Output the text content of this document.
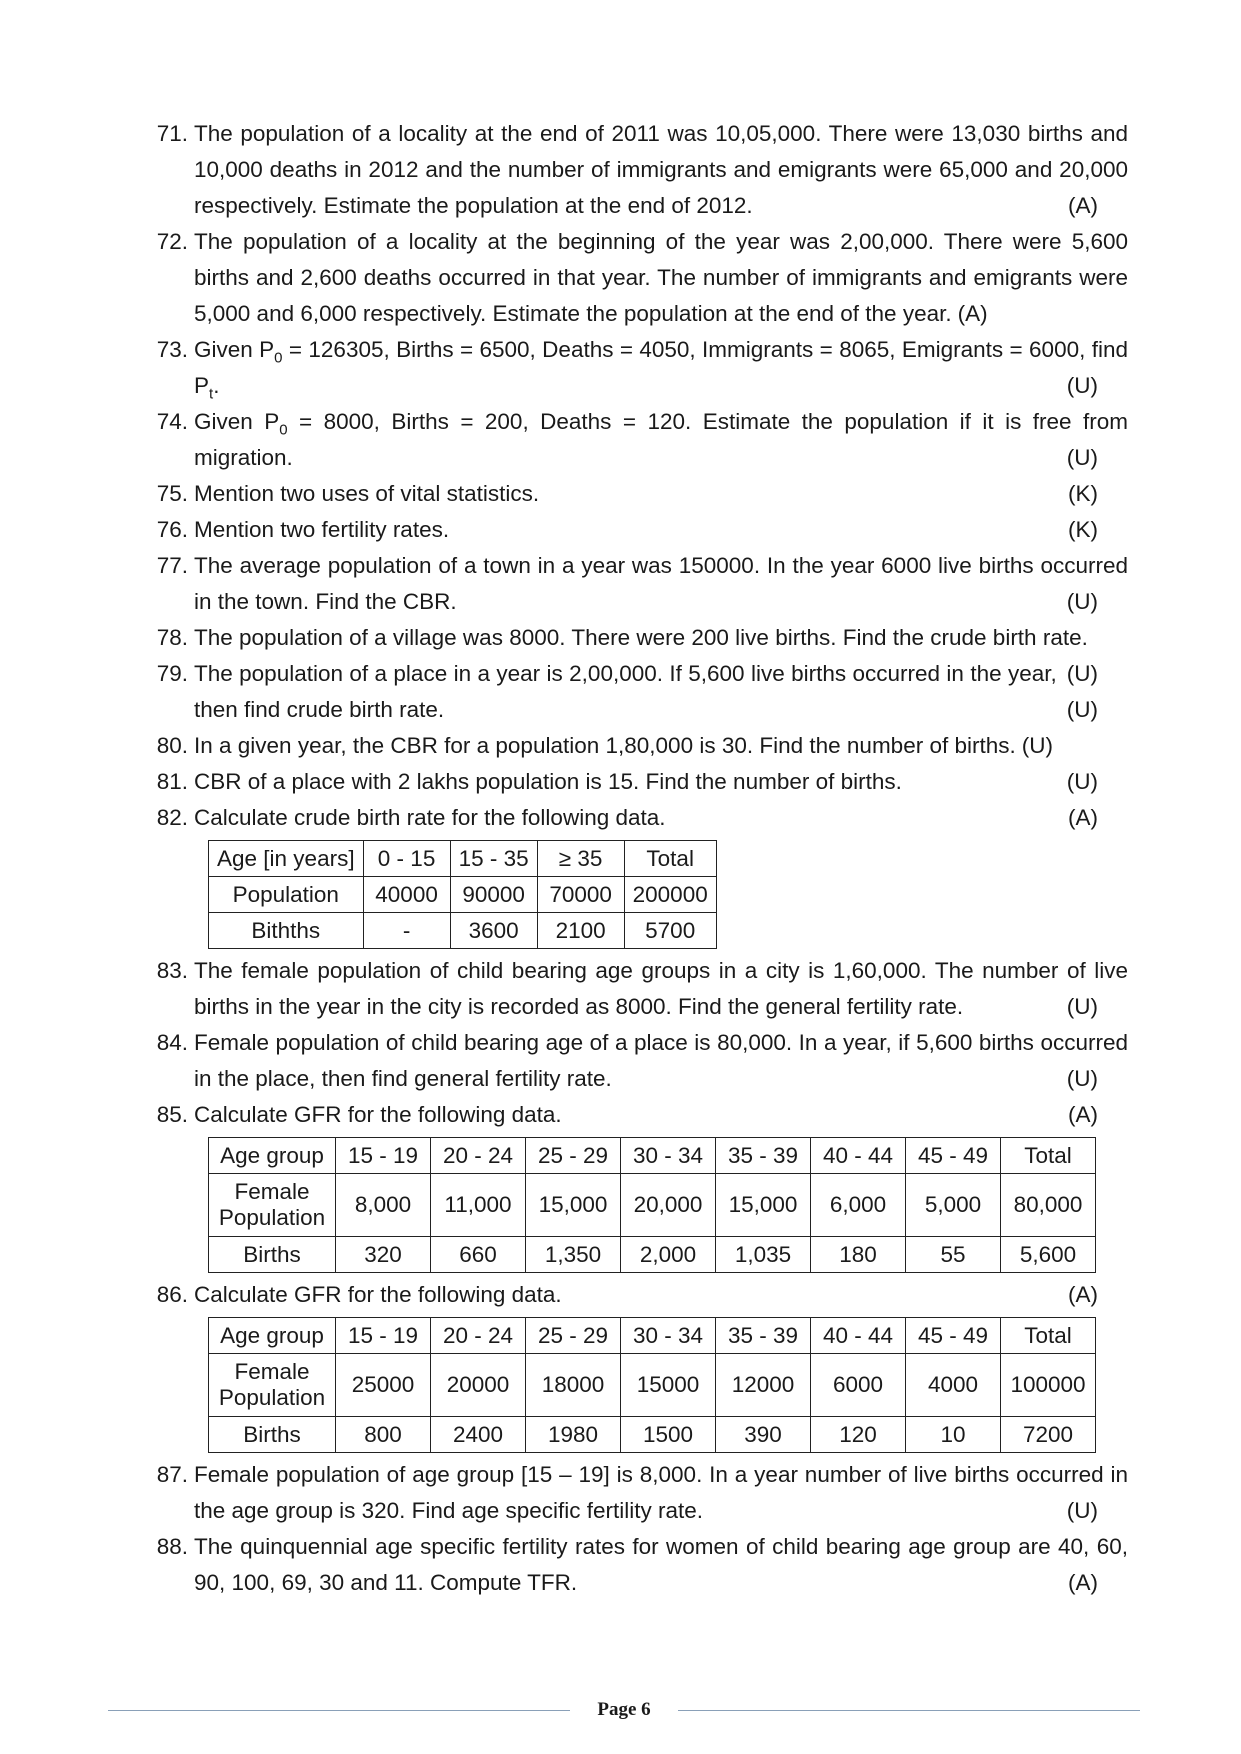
71. The population of a locality at the end of 2011 was 10,05,000. There were 13,030 births and 10,000 deaths in 2012 and the number of immigrants and emigrants were 65,000 and 20,000 respectively. Estimate the population at the end of 2012.	(A)
72. The population of a locality at the beginning of the year was 2,00,000. There were 5,600 births and 2,600 deaths occurred in that year. The number of immigrants and emigrants were 5,000 and 6,000 respectively. Estimate the population at the end of the year. (A)
73. Given $P_0 = 126305$, Births = 6500, Deaths = 4050, Immigrants = 8065, Emigrants = 6000, find $P_t$.	(U)
74. Given $P_0 = 8000$, Births = 200, Deaths = 120. Estimate the population if it is free from migration.	(U)
75. Mention two uses of vital statistics.	(K)
76. Mention two fertility rates.	(K)
77. The average population of a town in a year was 150000. In the year 6000 live births occurred in the town. Find the CBR.	(U)
78. The population of a village was 8000. There were 200 live births. Find the crude birth rate.
(U)
79. The population of a place in a year is 2,00,000. If 5,600 live births occurred in the year, then find crude birth rate.	(U)
80. In a given year, the CBR for a population 1,80,000 is 30. Find the number of births. (U)
81. CBR of a place with 2 lakhs population is 15. Find the number of births.	(U)
82. Calculate crude birth rate for the following data.	(A)
Age [in years]	0 - 15	15 - 35	≥ 35	Total
Population	40000	90000	70000	200000
Bithths	-	3600	2100	5700
83. The female population of child bearing age groups in a city is 1,60,000. The number of live births in the year in the city is recorded as 8000. Find the general fertility rate.	(U)
84. Female population of child bearing age of a place is 80,000. In a year, if 5,600 births occurred in the place, then find general fertility rate.	(U)
85. Calculate GFR for the following data.	(A)
Age group	15 - 19	20 - 24	25 - 29	30 - 34	35 - 39	40 - 44	45 - 49	Total
Female
Population	8,000	11,000	15,000	20,000	15,000	6,000	5,000	80,000
Births	320	660	1,350	2,000	1,035	180	55	5,600
86. Calculate GFR for the following data.	(A)
Age group	15 - 19	20 - 24	25 - 29	30 - 34	35 - 39	40 - 44	45 - 49	Total
Female
Population	25000	20000	18000	15000	12000	6000	4000	100000
Births	800	2400	1980	1500	390	120	10	7200
87. Female population of age group [15 – 19] is 8,000. In a year number of live births occurred in the age group is 320. Find age specific fertility rate.	(U)
88. The quinquennial age specific fertility rates for women of child bearing age group are 40, 60, 90, 100, 69, 30 and 11. Compute TFR.	(A)
Page 6
